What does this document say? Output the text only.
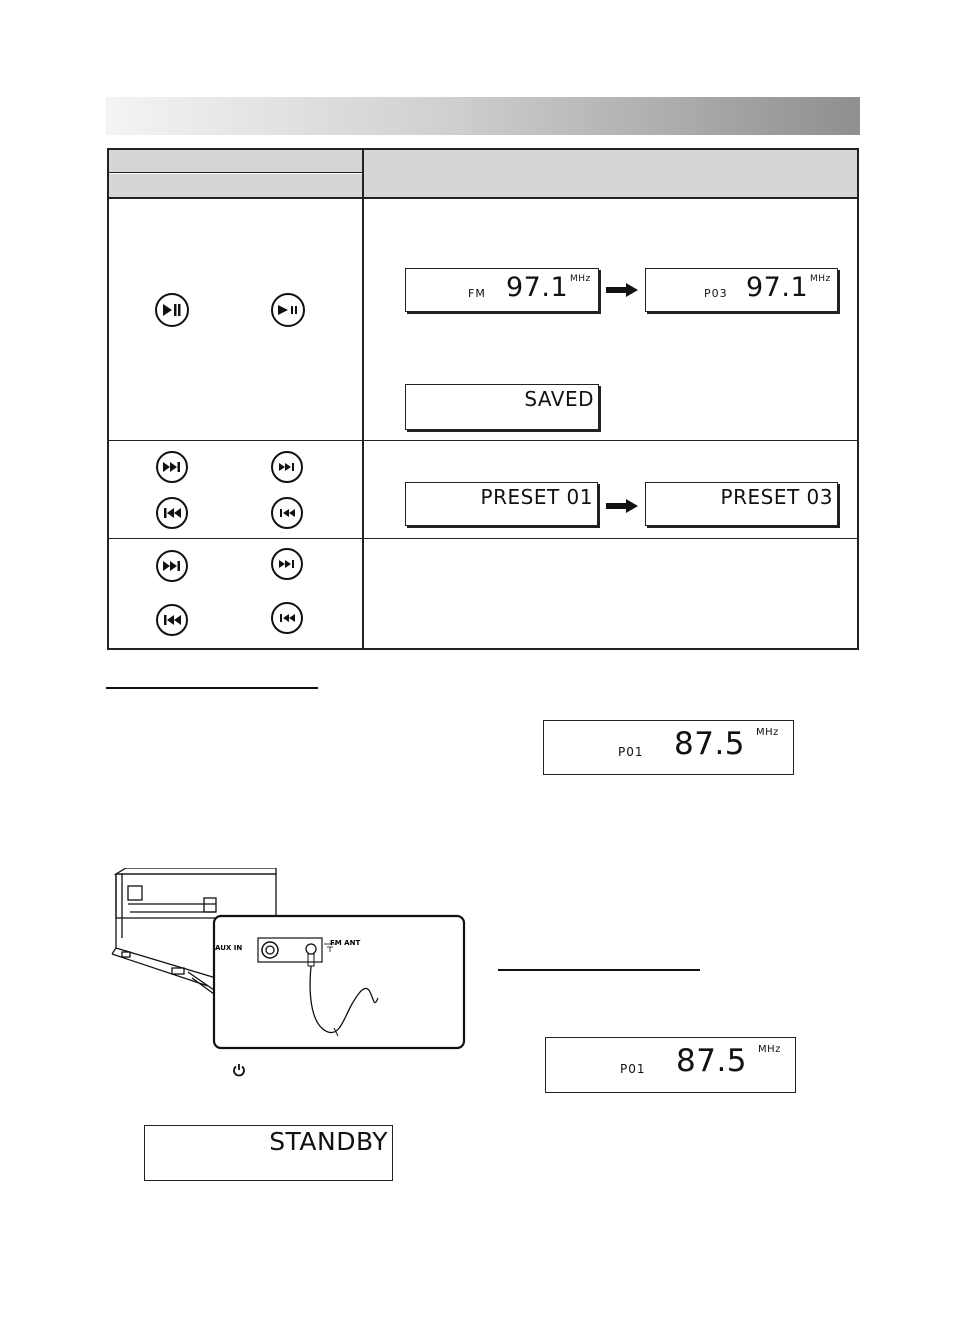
FM 97.1 MHz
P03 97.1 MHz
SAVED
PRESET 01	PRESET 03
P01 87.5 MHz
AUX IN
FM ANT
P01 87.5 MHz
STANDBY
